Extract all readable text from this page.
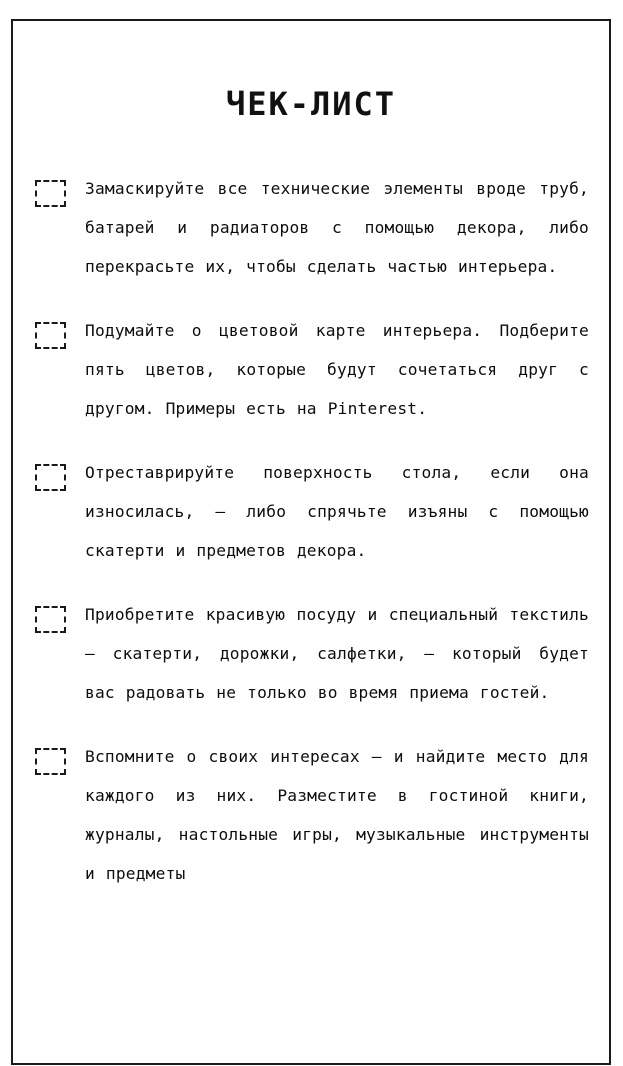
ЧЕК-ЛИСТ
Замаскируйте все технические элементы вроде труб, батарей и радиаторов с помощью декора, либо перекрасьте их, чтобы сделать частью интерьера.
Подумайте о цветовой карте интерьера. Подберите пять цветов, которые будут сочетаться друг с другом. Примеры есть на Pinterest.
Отреставрируйте поверхность стола, если она износилась, — либо спрячьте изъяны с помощью скатерти и предметов декора.
Приобретите красивую посуду и специальный текстиль — скатерти, дорожки, салфетки, — который будет вас радовать не только во время приема гостей.
Вспомните о своих интересах — и найдите место для каждого из них. Разместите в гостиной книги, журналы, настольные игры, музыкальные инструменты и предметы
